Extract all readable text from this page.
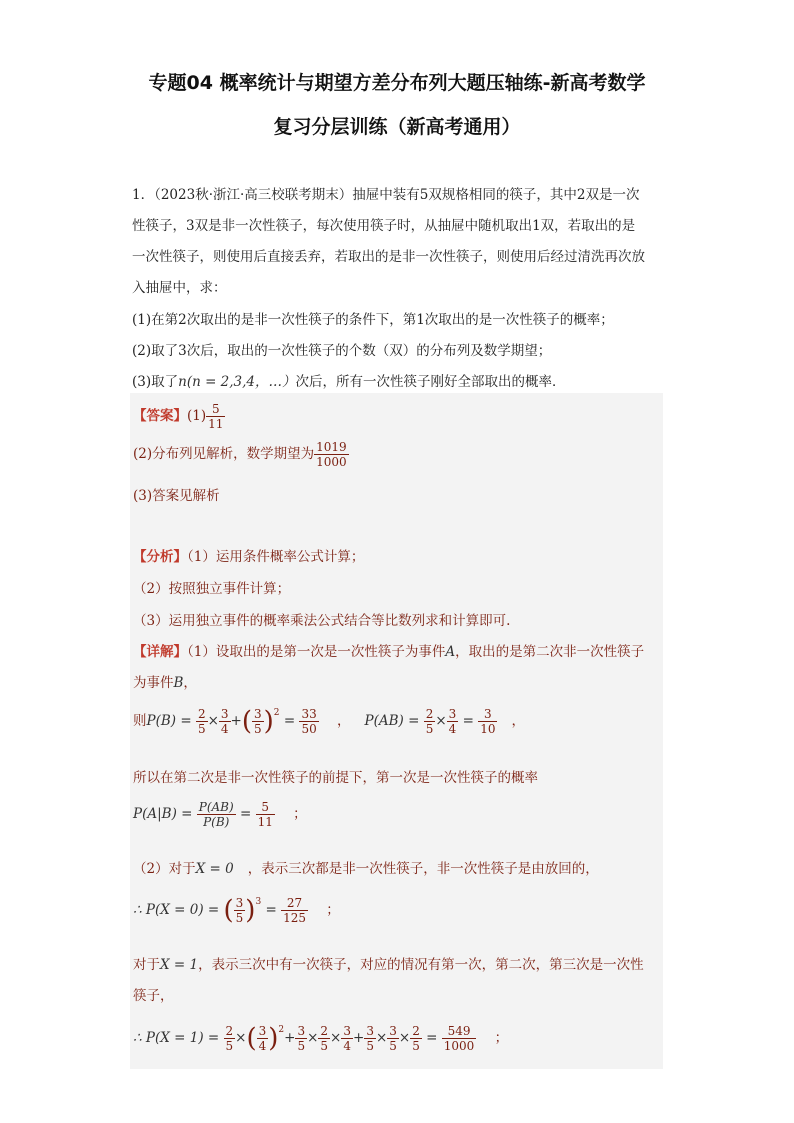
专题04 概率统计与期望方差分布列大题压轴练-新高考数学
复习分层训练（新高考通用）
1．（2023秋·浙江·高三校联考期末）抽屉中装有5双规格相同的筷子，其中2双是一次
性筷子，3双是非一次性筷子，每次使用筷子时，从抽屉中随机取出1双，若取出的是
一次性筷子，则使用后直接丢弃，若取出的是非一次性筷子，则使用后经过清洗再次放
入抽屉中，求：
(1)在第2次取出的是非一次性筷子的条件下，第1次取出的是一次性筷子的概率；
(2)取了3次后，取出的一次性筷子的个数（双）的分布列及数学期望；
(3)取了n(n = 2,3,4，…）次后，所有一次性筷子刚好全部取出的概率．
【答案】$(1) \frac{5}{11}$
(2)分布列见解析，数学期望为 $\frac{1019}{1000}$
(3)答案见解析
【分析】（1）运用条件概率公式计算；
（2）按照独立事件计算；
（3）运用独立事件的概率乘法公式结合等比数列求和计算即可.
【详解】（1）设取出的是第一次是一次性筷子为事件A，取出的是第二次非一次性筷子
为事件B，
则$P(B) = \frac{2}{5} \times \frac{3}{4}$ +( $\frac{3}{5} )^2 = \frac{33}{50}$ ， $P(AB) = \frac{2}{5} \times \frac{3}{4} = \frac{3}{10}$ ，
所以在第二次是非一次性筷子的前提下，第一次是一次性筷子的概率
$P(A|B) = \frac{P(AB)}{P(B)} = \frac{5}{11}$ ；
（2）对于X = 0 ，表示三次都是非一次性筷子，非一次性筷子是由放回的，
∴ P(X = 0) = ( $\frac{3}{5} )^3 = \frac{27}{125}$ ；
对于X = 1，表示三次中有一次筷子，对应的情况有第一次，第二次，第三次是一次性
筷子，
∴ $P(X = 1) = \frac{2}{5}$ ×( $\frac{3}{4} )^2+ \frac{3}{5} \times \frac{2}{5} \times \frac{3}{4} + \frac{3}{5} \times \frac{3}{5} \times \frac{2}{5} = \frac{549}{1000}$ ；
